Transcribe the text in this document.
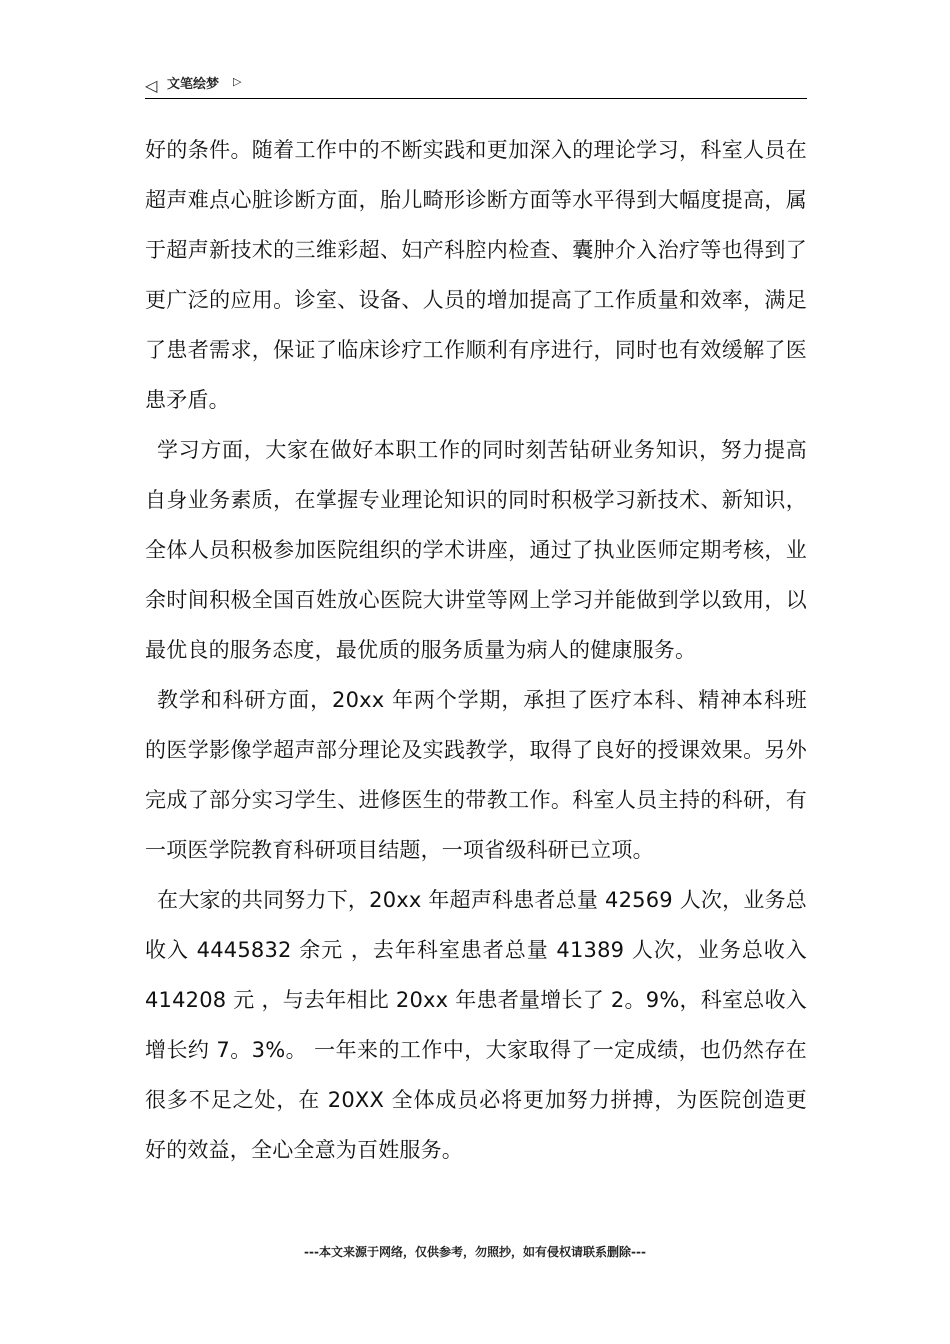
◁ 文笔绘梦 ▷

好的条件。随着工作中的不断实践和更加深入的理论学习，科室人员在超声难点心脏诊断方面，胎儿畸形诊断方面等水平得到大幅度提高，属于超声新技术的三维彩超、妇产科腔内检查、囊肿介入治疗等也得到了更广泛的应用。诊室、设备、人员的增加提高了工作质量和效率，满足了患者需求，保证了临床诊疗工作顺利有序进行，同时也有效缓解了医患矛盾。

学习方面，大家在做好本职工作的同时刻苦钻研业务知识，努力提高自身业务素质，在掌握专业理论知识的同时积极学习新技术、新知识，全体人员积极参加医院组织的学术讲座，通过了执业医师定期考核，业余时间积极全国百姓放心医院大讲堂等网上学习并能做到学以致用，以最优良的服务态度，最优质的服务质量为病人的健康服务。

教学和科研方面，20xx 年两个学期，承担了医疗本科、精神本科班的医学影像学超声部分理论及实践教学，取得了良好的授课效果。另外完成了部分实习学生、进修医生的带教工作。科室人员主持的科研，有一项医学院教育科研项目结题，一项省级科研已立项。

在大家的共同努力下，20xx 年超声科患者总量 42569 人次，业务总收入 4445832 余元 ，去年科室患者总量 41389 人次，业务总收入 414208 元 ，与去年相比 20xx 年患者量增长了 2。9%，科室总收入增长约 7。3%。 一年来的工作中，大家取得了一定成绩，也仍然存在很多不足之处，在 20XX 全体成员必将更加努力拼搏，为医院创造更好的效益，全心全意为百姓服务。

---本文来源于网络，仅供参考，勿照抄，如有侵权请联系删除---
